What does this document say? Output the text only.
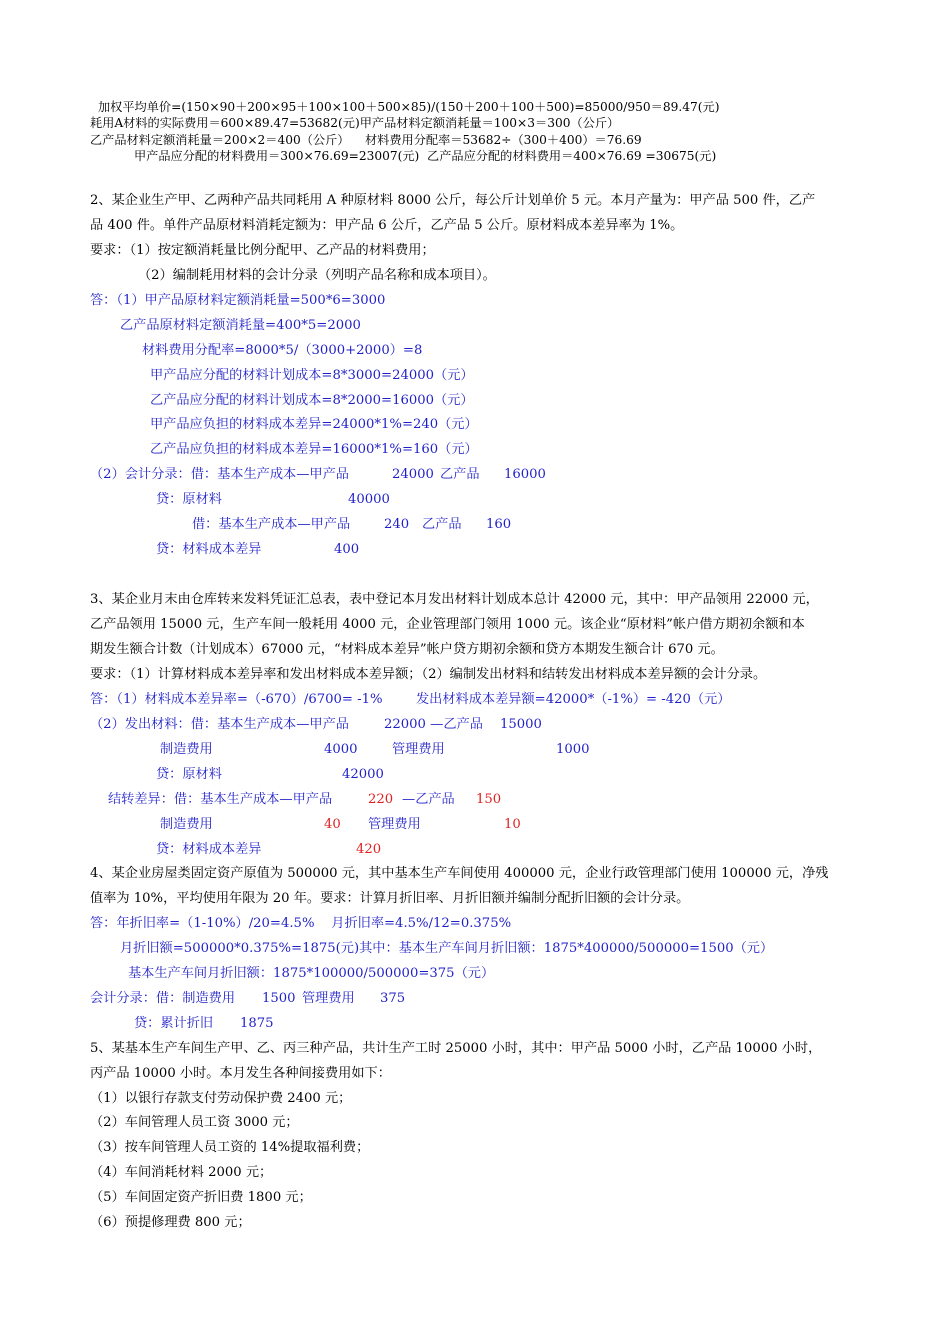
加权平均单价=(150×90＋200×95＋100×100＋500×85)/(150＋200＋100＋500)=85000/950＝89.47(元)
耗用A材料的实际费用＝600×89.47=53682(元)甲产品材料定额消耗量＝100×3＝300（公斤）
乙产品材料定额消耗量＝200×2＝400（公斤）    材料费用分配率＝53682÷（300＋400）＝76.69
甲产品应分配的材料费用＝300×76.69=23007(元)  乙产品应分配的材料费用＝400×76.69 =30675(元)
2、某企业生产甲、乙两种产品共同耗用 A 种原材料 8000 公斤，每公斤计划单价 5 元。本月产量为：甲产品 500 件，乙产
品 400 件。单件产品原材料消耗定额为：甲产品 6 公斤，乙产品 5 公斤。原材料成本差异率为 1%。
要求：（1）按定额消耗量比例分配甲、乙产品的材料费用；
（2）编制耗用材料的会计分录（列明产品名称和成本项目）。
答：（1）甲产品原材料定额消耗量=500*6=3000
乙产品原材料定额消耗量=400*5=2000
材料费用分配率=8000*5/（3000+2000）=8
甲产品应分配的材料计划成本=8*3000=24000（元）
乙产品应分配的材料计划成本=8*2000=16000（元）
甲产品应负担的材料成本差异=24000*1%=240（元）
乙产品应负担的材料成本差异=16000*1%=160（元）
（2）会计分录：借：基本生产成本—甲产品	24000 乙产品 16000
贷：原材料	40000
借：基本生产成本—甲产品	240 乙产品 160
贷：材料成本差异	400
3、某企业月末由仓库转来发料凭证汇总表，表中登记本月发出材料计划成本总计 42000 元，其中：甲产品领用 22000 元，
乙产品领用 15000 元，生产车间一般耗用 4000 元，企业管理部门领用 1000 元。该企业“原材料”帐户借方期初余额和本
期发生额合计数（计划成本）67000 元，“材料成本差异”帐户贷方期初余额和贷方本期发生额合计 670 元。
要求：（1）计算材料成本差异率和发出材料成本差异额；（2）编制发出材料和结转发出材料成本差异额的会计分录。
答：（1）材料成本差异率=（-670）/6700= -1%	发出材料成本差异额=42000*（-1%）= -420（元）
（2）发出材料：借：基本生产成本—甲产品	22000 —乙产品 15000
制造费用	4000	管理费用	1000
贷：原材料	42000
结转差异：借：基本生产成本—甲产品	220 —乙产品 150
制造费用	40 管理费用	10
贷：材料成本差异	420
4、某企业房屋类固定资产原值为 500000 元，其中基本生产车间使用 400000 元，企业行政管理部门使用 100000 元，净残
值率为 10%，平均使用年限为 20 年。要求：计算月折旧率、月折旧额并编制分配折旧额的会计分录。
答：年折旧率=（1-10%）/20=4.5%    月折旧率=4.5%/12=0.375%
月折旧额=500000*0.375%=1875(元)其中：基本生产车间月折旧额：1875*400000/500000=1500（元）
基本生产车间月折旧额：1875*100000/500000=375（元）
会计分录：借：制造费用 1500 管理费用 375
贷：累计折旧 1875
5、某基本生产车间生产甲、乙、丙三种产品，共计生产工时 25000 小时，其中：甲产品 5000 小时，乙产品 10000 小时，
丙产品 10000 小时。本月发生各种间接费用如下：
（1）以银行存款支付劳动保护费 2400 元；
（2）车间管理人员工资 3000 元；
（3）按车间管理人员工资的 14%提取福利费；
（4）车间消耗材料 2000 元；
（5）车间固定资产折旧费 1800 元；
（6）预提修理费 800 元；
